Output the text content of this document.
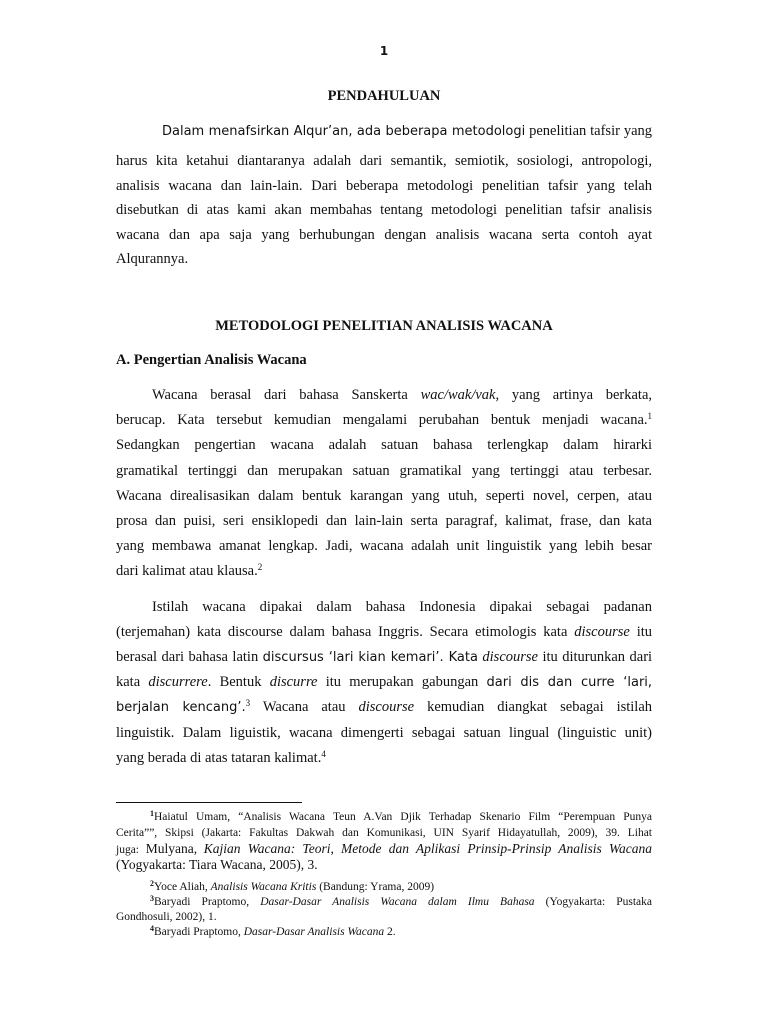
1
PENDAHULUAN
Dalam menafsirkan Alqur’an, ada beberapa metodologi penelitian tafsir yang
harus kita ketahui diantaranya adalah dari semantik, semiotik, sosiologi, antropologi,
analisis wacana dan lain-lain. Dari beberapa metodologi penelitian tafsir yang telah
disebutkan di atas kami akan membahas tentang metodologi penelitian tafsir analisis
wacana dan apa saja yang berhubungan dengan analisis wacana serta contoh ayat
Alqurannya.
METODOLOGI PENELITIAN ANALISIS WACANA
A. Pengertian Analisis Wacana
Wacana berasal dari bahasa Sanskerta wac/wak/vak, yang artinya berkata,
berucap. Kata tersebut kemudian mengalami perubahan bentuk menjadi wacana.$^1$
Sedangkan pengertian wacana adalah satuan bahasa terlengkap dalam hirarki
gramatikal tertinggi dan merupakan satuan gramatikal yang tertinggi atau terbesar.
Wacana direalisasikan dalam bentuk karangan yang utuh, seperti novel, cerpen, atau
prosa dan puisi, seri ensiklopedi dan lain-lain serta paragraf, kalimat, frase, dan kata
yang membawa amanat lengkap. Jadi, wacana adalah unit linguistik yang lebih besar
dari kalimat atau klausa.$^2$
Istilah wacana dipakai dalam bahasa Indonesia dipakai sebagai padanan
(terjemahan) kata discourse dalam bahasa Inggris. Secara etimologis kata discourse itu
berasal dari bahasa latin discursus ‘lari kian kemari’. Kata discourse itu diturunkan dari
kata discurrere. Bentuk discurre itu merupakan gabungan dari dis dan curre ‘lari,
berjalan kencang’.$^3$ Wacana atau discourse kemudian diangkat sebagai istilah
linguistik. Dalam liguistik, wacana dimengerti sebagai satuan lingual (linguistic unit)
yang berada di atas tataran kalimat.$^4$
$^1$Haiatul Umam, “Analisis Wacana Teun A.Van Djik Terhadap Skenario Film “Perempuan Punya
Cerita””, Skipsi (Jakarta: Fakultas Dakwah dan Komunikasi, UIN Syarif Hidayatullah, 2009), 39. Lihat
juga: Mulyana, Kajian Wacana: Teori, Metode dan Aplikasi Prinsip-Prinsip Analisis Wacana
(Yogyakarta: Tiara Wacana, 2005), 3.
$^2$Yoce Aliah, Analisis Wacana Kritis (Bandung: Yrama, 2009)
$^3$Baryadi Praptomo, Dasar-Dasar Analisis Wacana dalam Ilmu Bahasa (Yogyakarta: Pustaka
Gondhosuli, 2002), 1.
$^4$Baryadi Praptomo, Dasar-Dasar Analisis Wacana 2.
